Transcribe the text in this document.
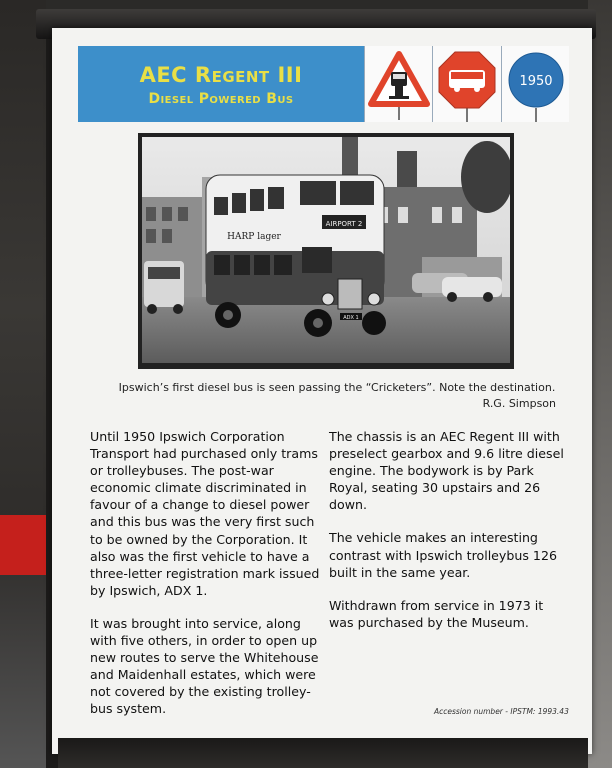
AEC Regent III
Diesel Powered Bus
1950
AIRPORT 2
HARP lager
ADX 1
Ipswich’s first diesel bus is seen passing the “Cricketers”. Note the destination.
R.G. Simpson

Until 1950 Ipswich Corporation Transport had purchased only trams or trolleybuses. The post-war economic climate discriminated in favour of a change to diesel power and this bus was the very first such to be owned by the Corporation. It also was the first vehicle to have a three-letter registration mark issued by Ipswich, ADX 1.

It was brought into service, along with five others, in order to open up new routes to serve the Whitehouse and Maidenhall estates, which were not covered by the existing trolley-bus system.

The chassis is an AEC Regent III with preselect gearbox and 9.6 litre diesel engine. The bodywork is by Park Royal, seating 30 upstairs and 26 down.

The vehicle makes an interesting contrast with Ipswich trolleybus 126 built in the same year.

Withdrawn from service in 1973 it was purchased by the Museum.

Accession number - IPSTM: 1993.43
